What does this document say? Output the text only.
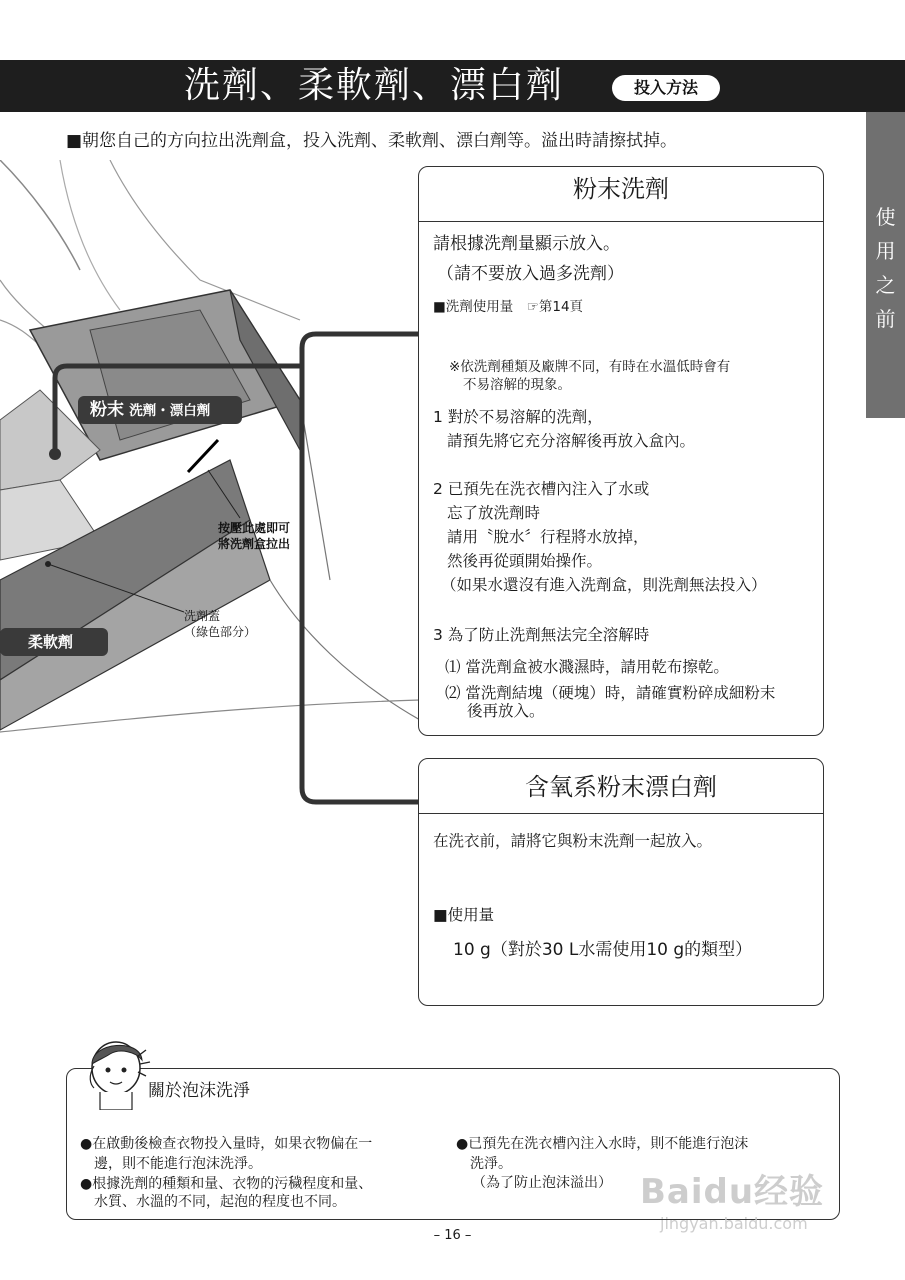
洗劑、柔軟劑、漂白劑	投入方法
使用之前
■朝您自己的方向拉出洗劑盒，投入洗劑、柔軟劑、漂白劑等。溢出時請擦拭掉。
粉末 洗劑・漂白劑
柔軟劑
按壓此處即可
將洗劑盒拉出
洗劑蓋
（綠色部分）
粉末洗劑
請根據洗劑量顯示放入。
（請不要放入過多洗劑）
■洗劑使用量　☞第14頁
※依洗劑種類及廠牌不同，有時在水溫低時會有
不易溶解的現象。
1 對於不易溶解的洗劑，
請預先將它充分溶解後再放入盒內。
2 已預先在洗衣槽內注入了水或
忘了放洗劑時
請用〝脫水〞行程將水放掉，
然後再從頭開始操作。
（如果水還沒有進入洗劑盒，則洗劑無法投入）
3 為了防止洗劑無法完全溶解時
⑴ 當洗劑盒被水濺濕時，請用乾布擦乾。
⑵ 當洗劑結塊（硬塊）時，請確實粉碎成細粉末
後再放入。
含氧系粉末漂白劑
在洗衣前，請將它與粉末洗劑一起放入。
■使用量
10 g（對於30 L水需使用10 g的類型）
關於泡沫洗淨
●在啟動後檢查衣物投入量時，如果衣物偏在一
邊，則不能進行泡沫洗淨。
●根據洗劑的種類和量、衣物的污穢程度和量、
水質、水溫的不同，起泡的程度也不同。
●已預先在洗衣槽內注入水時，則不能進行泡沫
洗淨。
（為了防止泡沫溢出） Baidu经验
jingyan.baidu.com
– 16 –
